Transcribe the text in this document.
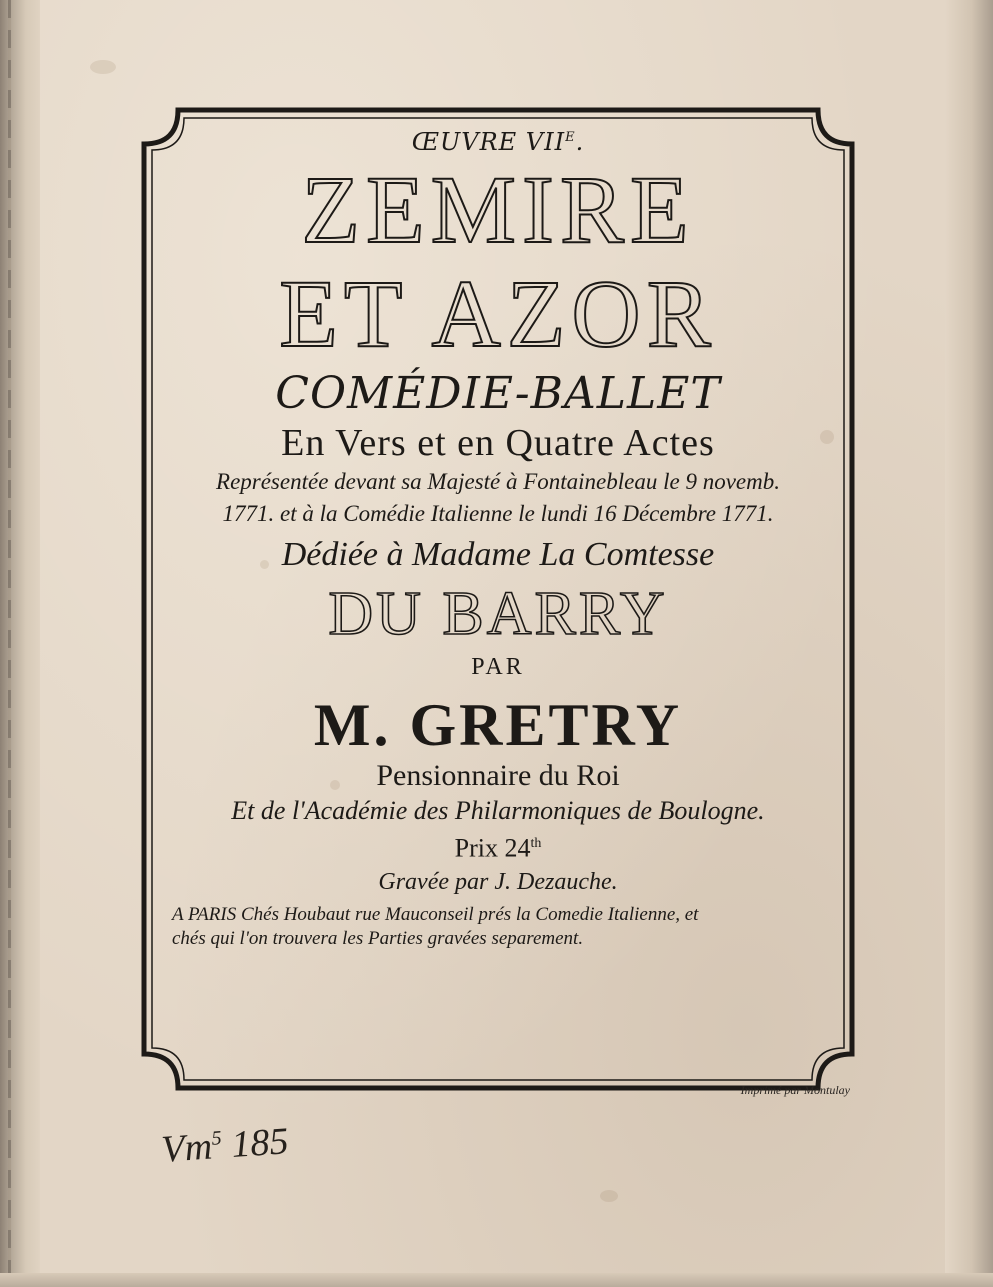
ŒUVRE $VII^E$.
ZEMIRE
ET AZOR
COMÉDIE-BALLET
En Vers et en Quatre Actes
Représentée devant sa Majesté à Fontainebleau le 9 novemb.
1771. et à la Comédie Italienne le lundi 16 Décembre 1771.
Dédiée à Madame La Comtesse
DU BARRY
PAR
M. GRETRY
Pensionnaire du Roi
Et de l'Académie des Philarmoniques de Boulogne.
Prix 24th
Gravée par J. Dezauche.
A PARIS Chés Houbaut rue Mauconseil prés la Comedie Italienne, et
chés qui l'on trouvera les Parties gravées separement.
Imprimé par Montulay
Vm$^5$ 185
